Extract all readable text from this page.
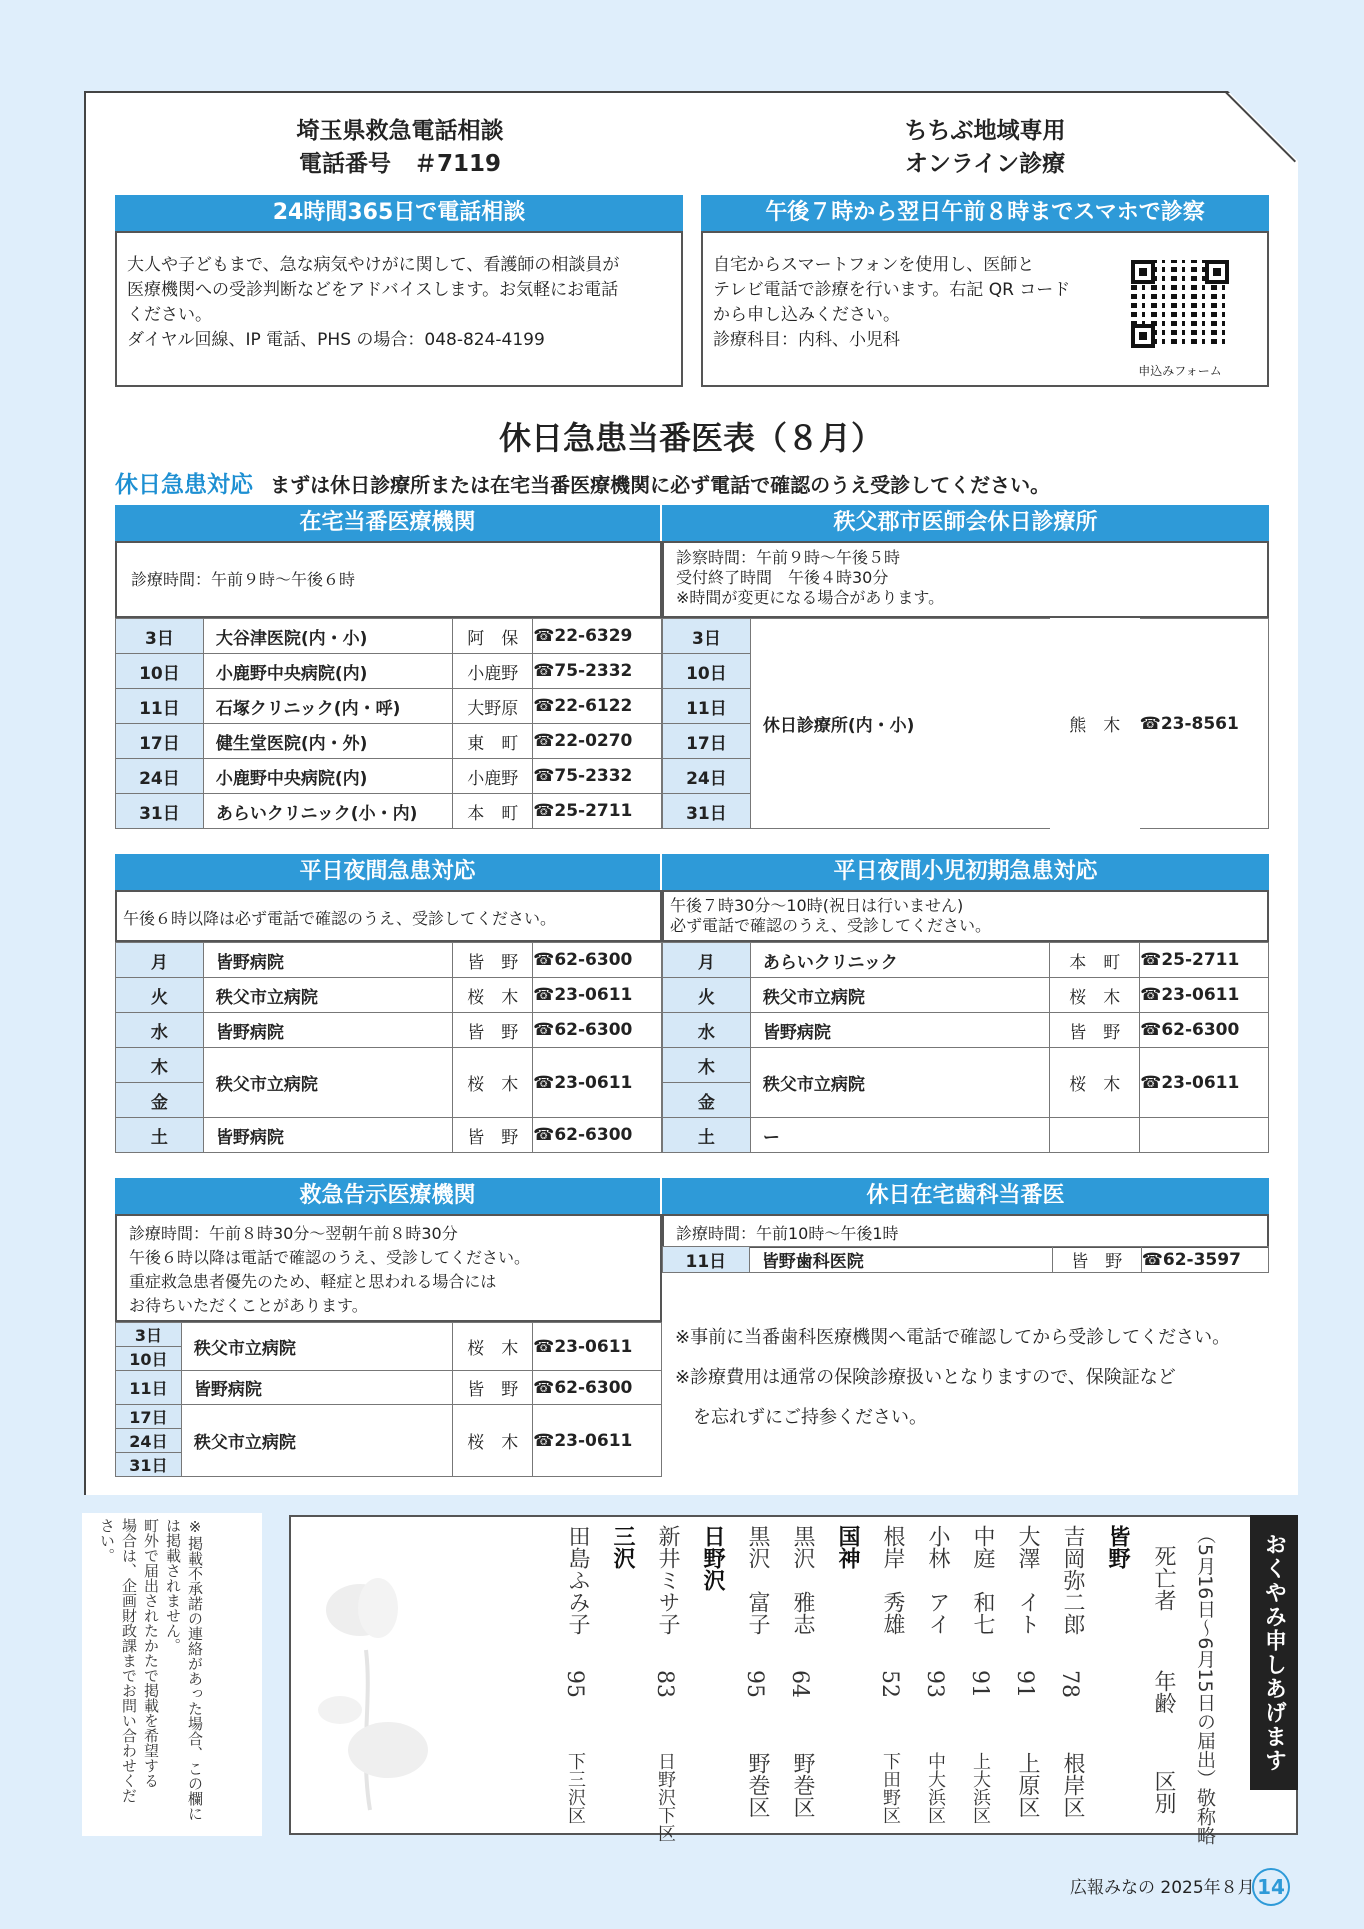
埼玉県救急電話相談
電話番号　＃7119
24時間365日で電話相談
大人や子どもまで、急な病気やけがに関して、看護師の相談員が
医療機関への受診判断などをアドバイスします。お気軽にお電話
ください。
ダイヤル回線、IP 電話、PHS の場合：048-824-4199
ちちぶ地域専用
オンライン診療
午後７時から翌日午前８時までスマホで診察
自宅からスマートフォンを使用し、医師と
テレビ電話で診療を行います。右記 QR コード
から申し込みください。
診療科目：内科、小児科
申込みフォーム
休日急患当番医表（８月）
休日急患対応 まずは休日診療所または在宅当番医療機関に必ず電話で確認のうえ受診してください。
在宅当番医療機関
診療時間：午前９時〜午後６時
3日	大谷津医院(内・小)	阿　保	☎22-6329
10日	小鹿野中央病院(内)	小鹿野	☎75-2332
11日	石塚クリニック(内・呼)	大野原	☎22-6122
17日	健生堂医院(内・外)	東　町	☎22-0270
24日	小鹿野中央病院(内)	小鹿野	☎75-2332
31日	あらいクリニック(小・内)	本　町	☎25-2711
秩父郡市医師会休日診療所
診察時間：午前９時〜午後５時
受付終了時間　午後４時30分
※時間が変更になる場合があります。
3日	休日診療所(内・小)	熊　木	☎23-8561
10日
11日
17日
24日
31日
平日夜間急患対応
午後６時以降は必ず電話で確認のうえ、受診してください。
月	皆野病院	皆　野	☎62-6300
火	秩父市立病院	桜　木	☎23-0611
水	皆野病院	皆　野	☎62-6300
木	秩父市立病院	桜　木	☎23-0611
金			
土	皆野病院	皆　野	☎62-6300
平日夜間小児初期急患対応
午後７時30分〜10時(祝日は行いません)
必ず電話で確認のうえ、受診してください。
月	あらいクリニック	本　町	☎25-2711
火	秩父市立病院	桜　木	☎23-0611
水	皆野病院	皆　野	☎62-6300
木	秩父市立病院	桜　木	☎23-0611
金			
土	ー		
救急告示医療機関
診療時間：午前８時30分〜翌朝午前８時30分
午後６時以降は電話で確認のうえ、受診してください。
重症救急患者優先のため、軽症と思われる場合には
お待ちいただくことがあります。
3日	秩父市立病院	桜　木	☎23-0611
10日			
11日	皆野病院	皆　野	☎62-6300
17日	秩父市立病院	桜　木	☎23-0611
24日			
31日			
休日在宅歯科当番医
診療時間：午前10時〜午後1時
11日	皆野歯科医院	皆　野	☎62-3597
※事前に当番歯科医療機関へ電話で確認してから受診してください。
※診療費用は通常の保険診療扱いとなりますので、保険証など
　を忘れずにご持参ください。
※掲載不承諾の連絡があった場合、この欄に
は掲載されません。
町外で届出されたかたで掲載を希望する
場合は、企画財政課までお問い合わせくだ
さい。	おくやみ申しあげます
（5月16日〜6月15日の届出）敬称略
死亡者
年齢
区別
皆野
吉岡弥二郎
78
根岸区
大澤　イト
91
上原区
中庭　和七
91
上大浜区
小林　アイ
93
中大浜区
根岸　秀雄
52
下田野区
国神
黒沢　雅志
64
野巻区
黒沢　富子
95
野巻区
日野沢
新井ミサ子
83
日野沢下区
三沢
田島ふみ子
95
下三沢区
広報みなの 2025年８月 14
